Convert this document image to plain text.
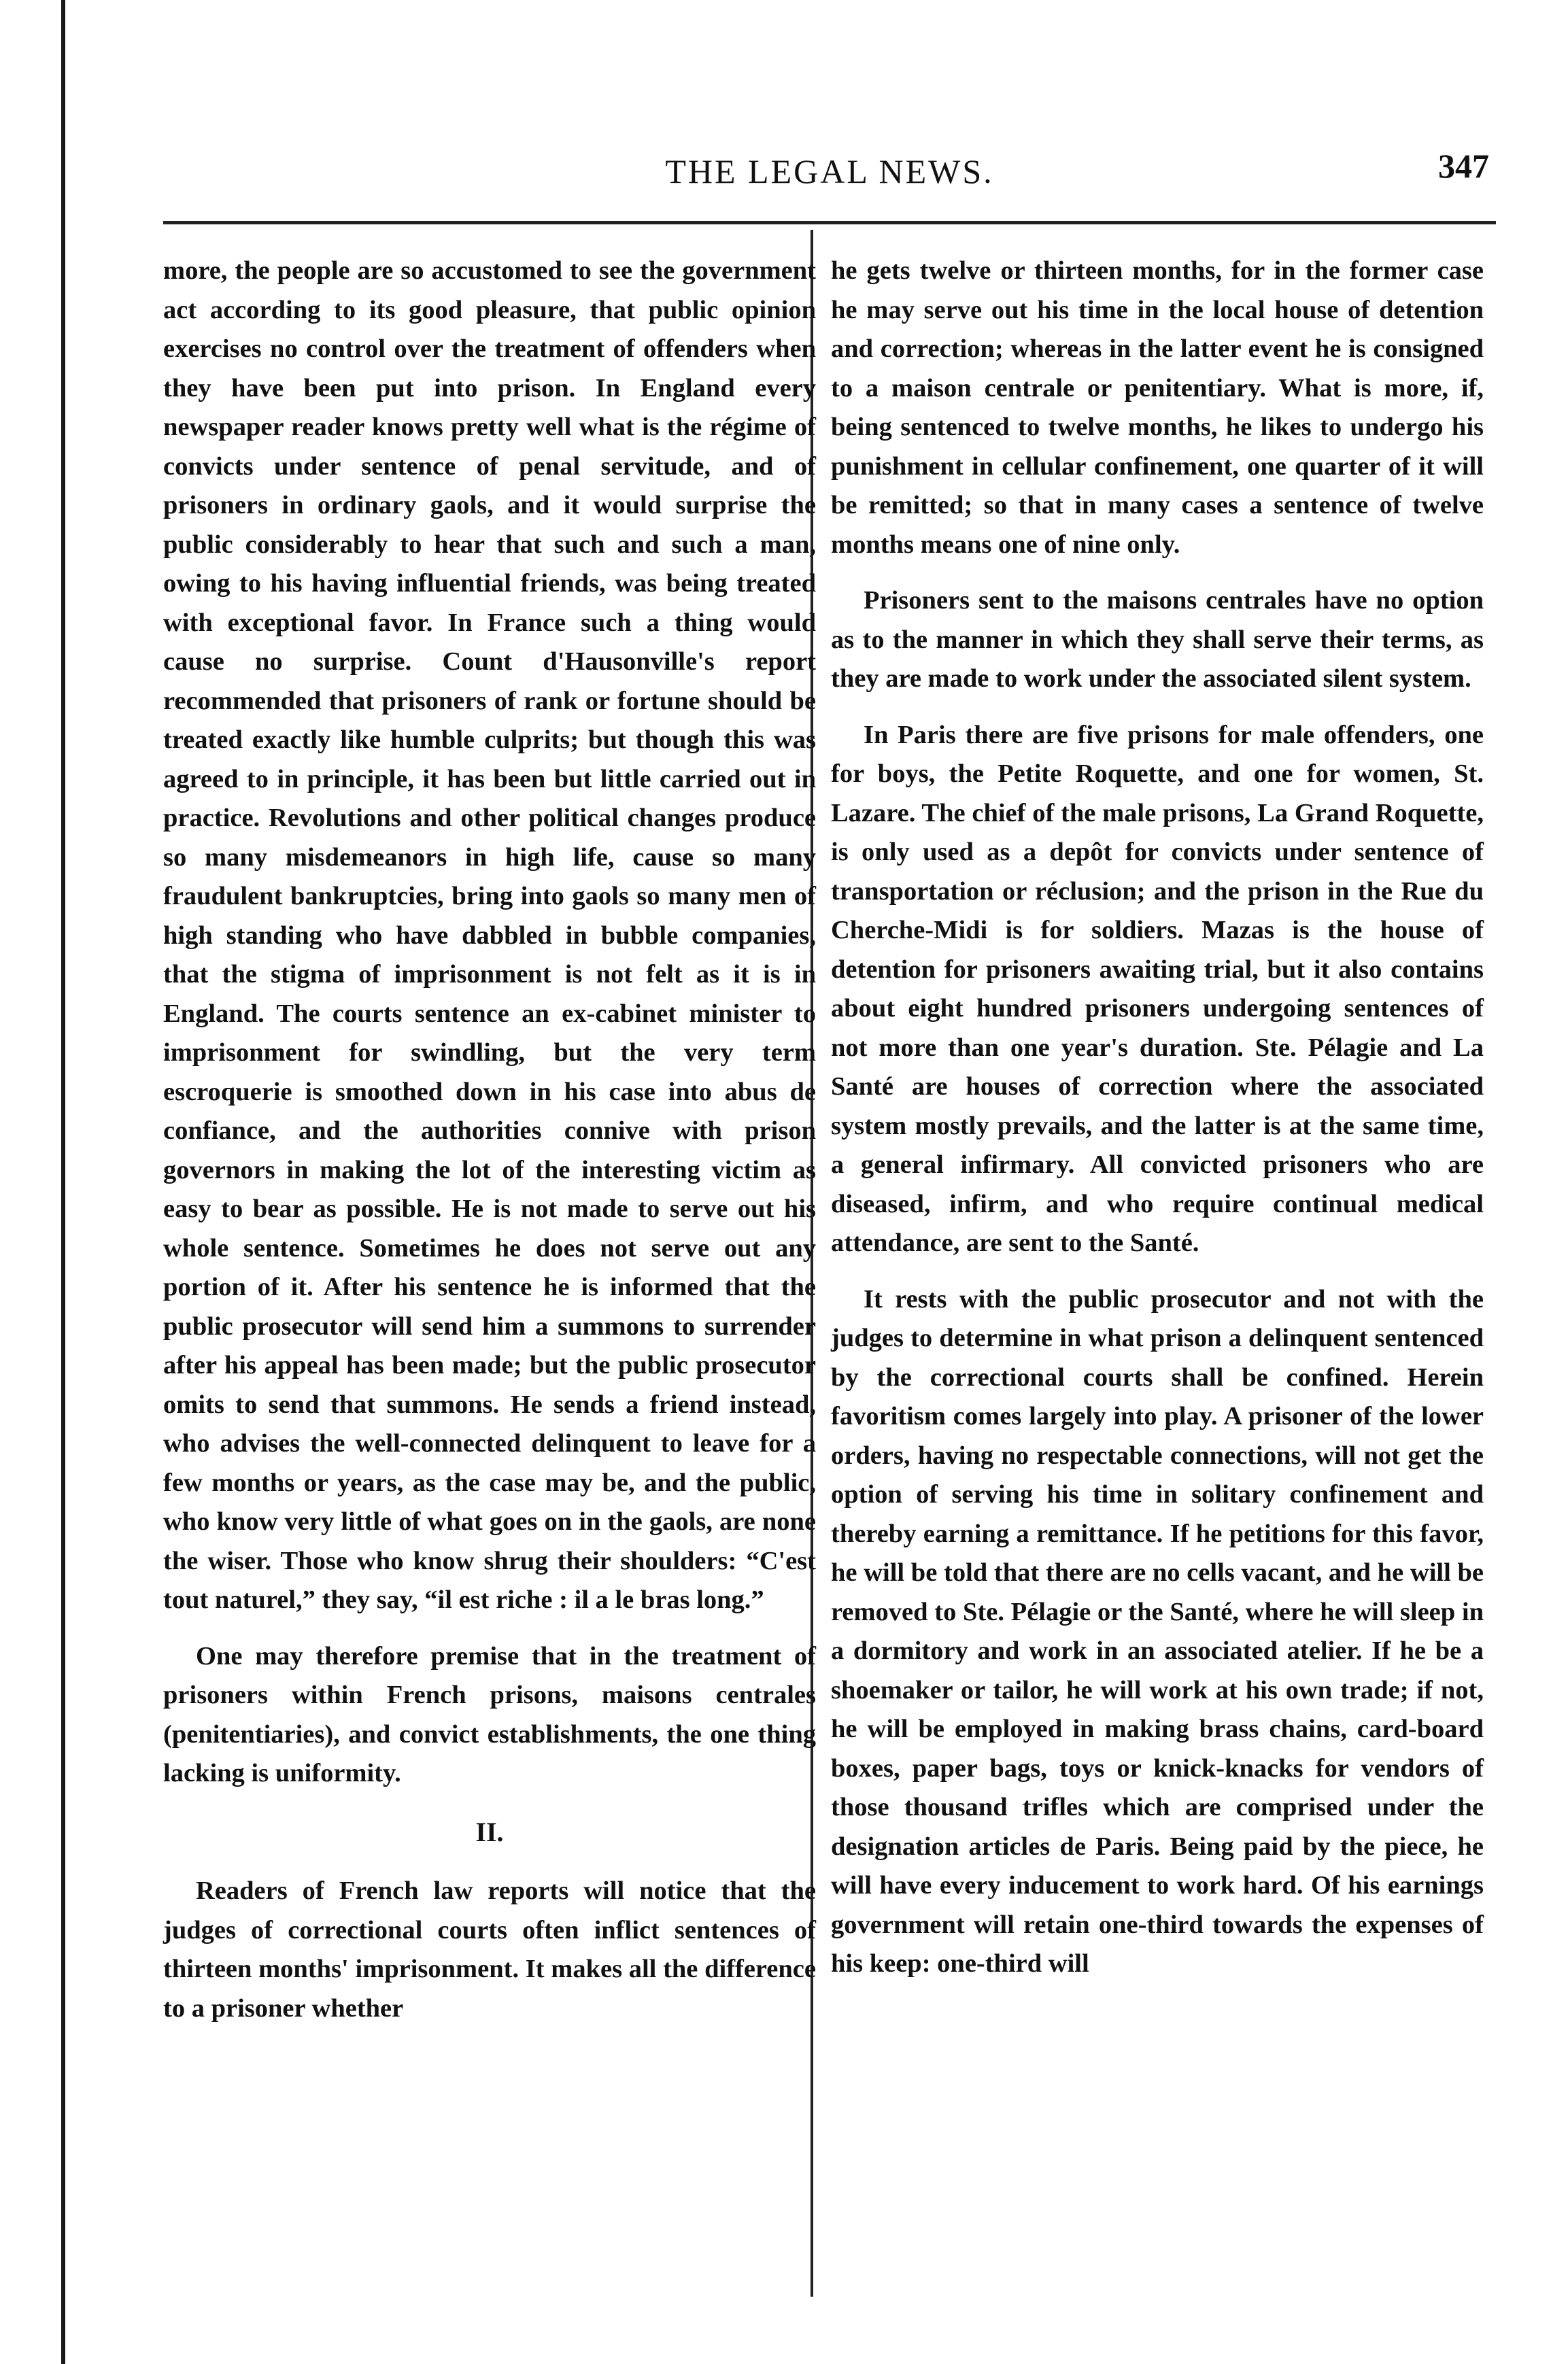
THE LEGAL NEWS.	347

more, the people are so accustomed to see the government act according to its good pleasure, that public opinion exercises no control over the treatment of offenders when they have been put into prison. In England every newspaper reader knows pretty well what is the régime of convicts under sentence of penal servitude, and of prisoners in ordinary gaols, and it would surprise the public considerably to hear that such and such a man, owing to his having influential friends, was being treated with exceptional favor. In France such a thing would cause no surprise. Count d'Hausonville's report recommended that prisoners of rank or fortune should be treated exactly like humble culprits; but though this was agreed to in principle, it has been but little carried out in practice. Revolutions and other political changes produce so many misdemeanors in high life, cause so many fraudulent bankruptcies, bring into gaols so many men of high standing who have dabbled in bubble companies, that the stigma of imprisonment is not felt as it is in England. The courts sentence an ex-cabinet minister to imprisonment for swindling, but the very term escroquerie is smoothed down in his case into abus de confiance, and the authorities connive with prison governors in making the lot of the interesting victim as easy to bear as possible. He is not made to serve out his whole sentence. Sometimes he does not serve out any portion of it. After his sentence he is informed that the public prosecutor will send him a summons to surrender after his appeal has been made; but the public prosecutor omits to send that summons. He sends a friend instead, who advises the well-connected delinquent to leave for a few months or years, as the case may be, and the public, who know very little of what goes on in the gaols, are none the wiser. Those who know shrug their shoulders: “C'est tout naturel,” they say, “il est riche : il a le bras long.”

One may therefore premise that in the treatment of prisoners within French prisons, maisons centrales (penitentiaries), and convict establishments, the one thing lacking is uniformity.

II.

Readers of French law reports will notice that the judges of correctional courts often inflict sentences of thirteen months' imprisonment. It makes all the difference to a prisoner whether

he gets twelve or thirteen months, for in the former case he may serve out his time in the local house of detention and correction; whereas in the latter event he is consigned to a maison centrale or penitentiary. What is more, if, being sentenced to twelve months, he likes to undergo his punishment in cellular confinement, one quarter of it will be remitted; so that in many cases a sentence of twelve months means one of nine only.

Prisoners sent to the maisons centrales have no option as to the manner in which they shall serve their terms, as they are made to work under the associated silent system.

In Paris there are five prisons for male offenders, one for boys, the Petite Roquette, and one for women, St. Lazare. The chief of the male prisons, La Grand Roquette, is only used as a depôt for convicts under sentence of transportation or réclusion; and the prison in the Rue du Cherche-Midi is for soldiers. Mazas is the house of detention for prisoners awaiting trial, but it also contains about eight hundred prisoners undergoing sentences of not more than one year's duration. Ste. Pélagie and La Santé are houses of correction where the associated system mostly prevails, and the latter is at the same time, a general infirmary. All convicted prisoners who are diseased, infirm, and who require continual medical attendance, are sent to the Santé.

It rests with the public prosecutor and not with the judges to determine in what prison a delinquent sentenced by the correctional courts shall be confined. Herein favoritism comes largely into play. A prisoner of the lower orders, having no respectable connections, will not get the option of serving his time in solitary confinement and thereby earning a remittance. If he petitions for this favor, he will be told that there are no cells vacant, and he will be removed to Ste. Pélagie or the Santé, where he will sleep in a dormitory and work in an associated atelier. If he be a shoemaker or tailor, he will work at his own trade; if not, he will be employed in making brass chains, card-board boxes, paper bags, toys or knick-knacks for vendors of those thousand trifles which are comprised under the designation articles de Paris. Being paid by the piece, he will have every inducement to work hard. Of his earnings government will retain one-third towards the expenses of his keep: one-third will
